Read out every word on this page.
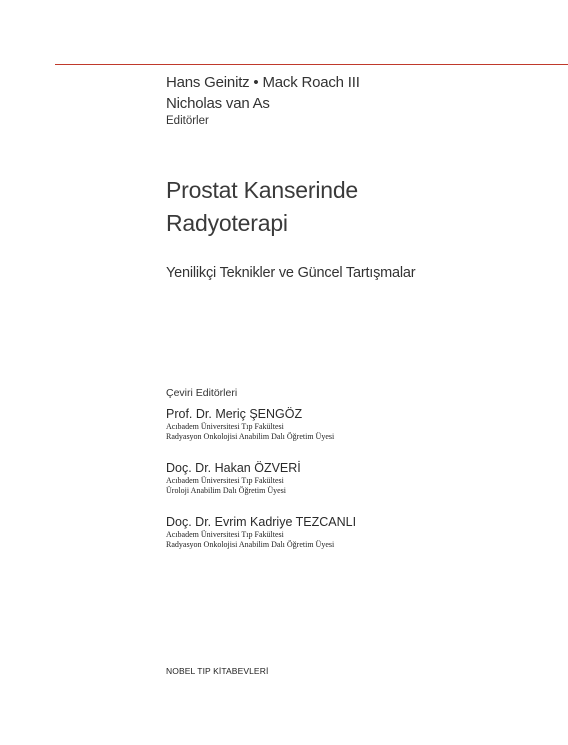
Hans Geinitz • Mack Roach III
Nicholas van As
Editörler
Prostat Kanserinde
Radyoterapi
Yenilikçi Teknikler ve Güncel Tartışmalar
Çeviri Editörleri
Prof. Dr. Meriç ŞENGÖZ
Acıbadem Üniversitesi Tıp Fakültesi
Radyasyon Onkolojisi Anabilim Dalı Öğretim Üyesi
Doç. Dr. Hakan ÖZVERİ
Acıbadem Üniversitesi Tıp Fakültesi
Üroloji Anabilim Dalı Öğretim Üyesi
Doç. Dr. Evrim Kadriye TEZCANLI
Acıbadem Üniversitesi Tıp Fakültesi
Radyasyon Onkolojisi Anabilim Dalı Öğretim Üyesi
NOBEL TIP KİTABEVLERİ
